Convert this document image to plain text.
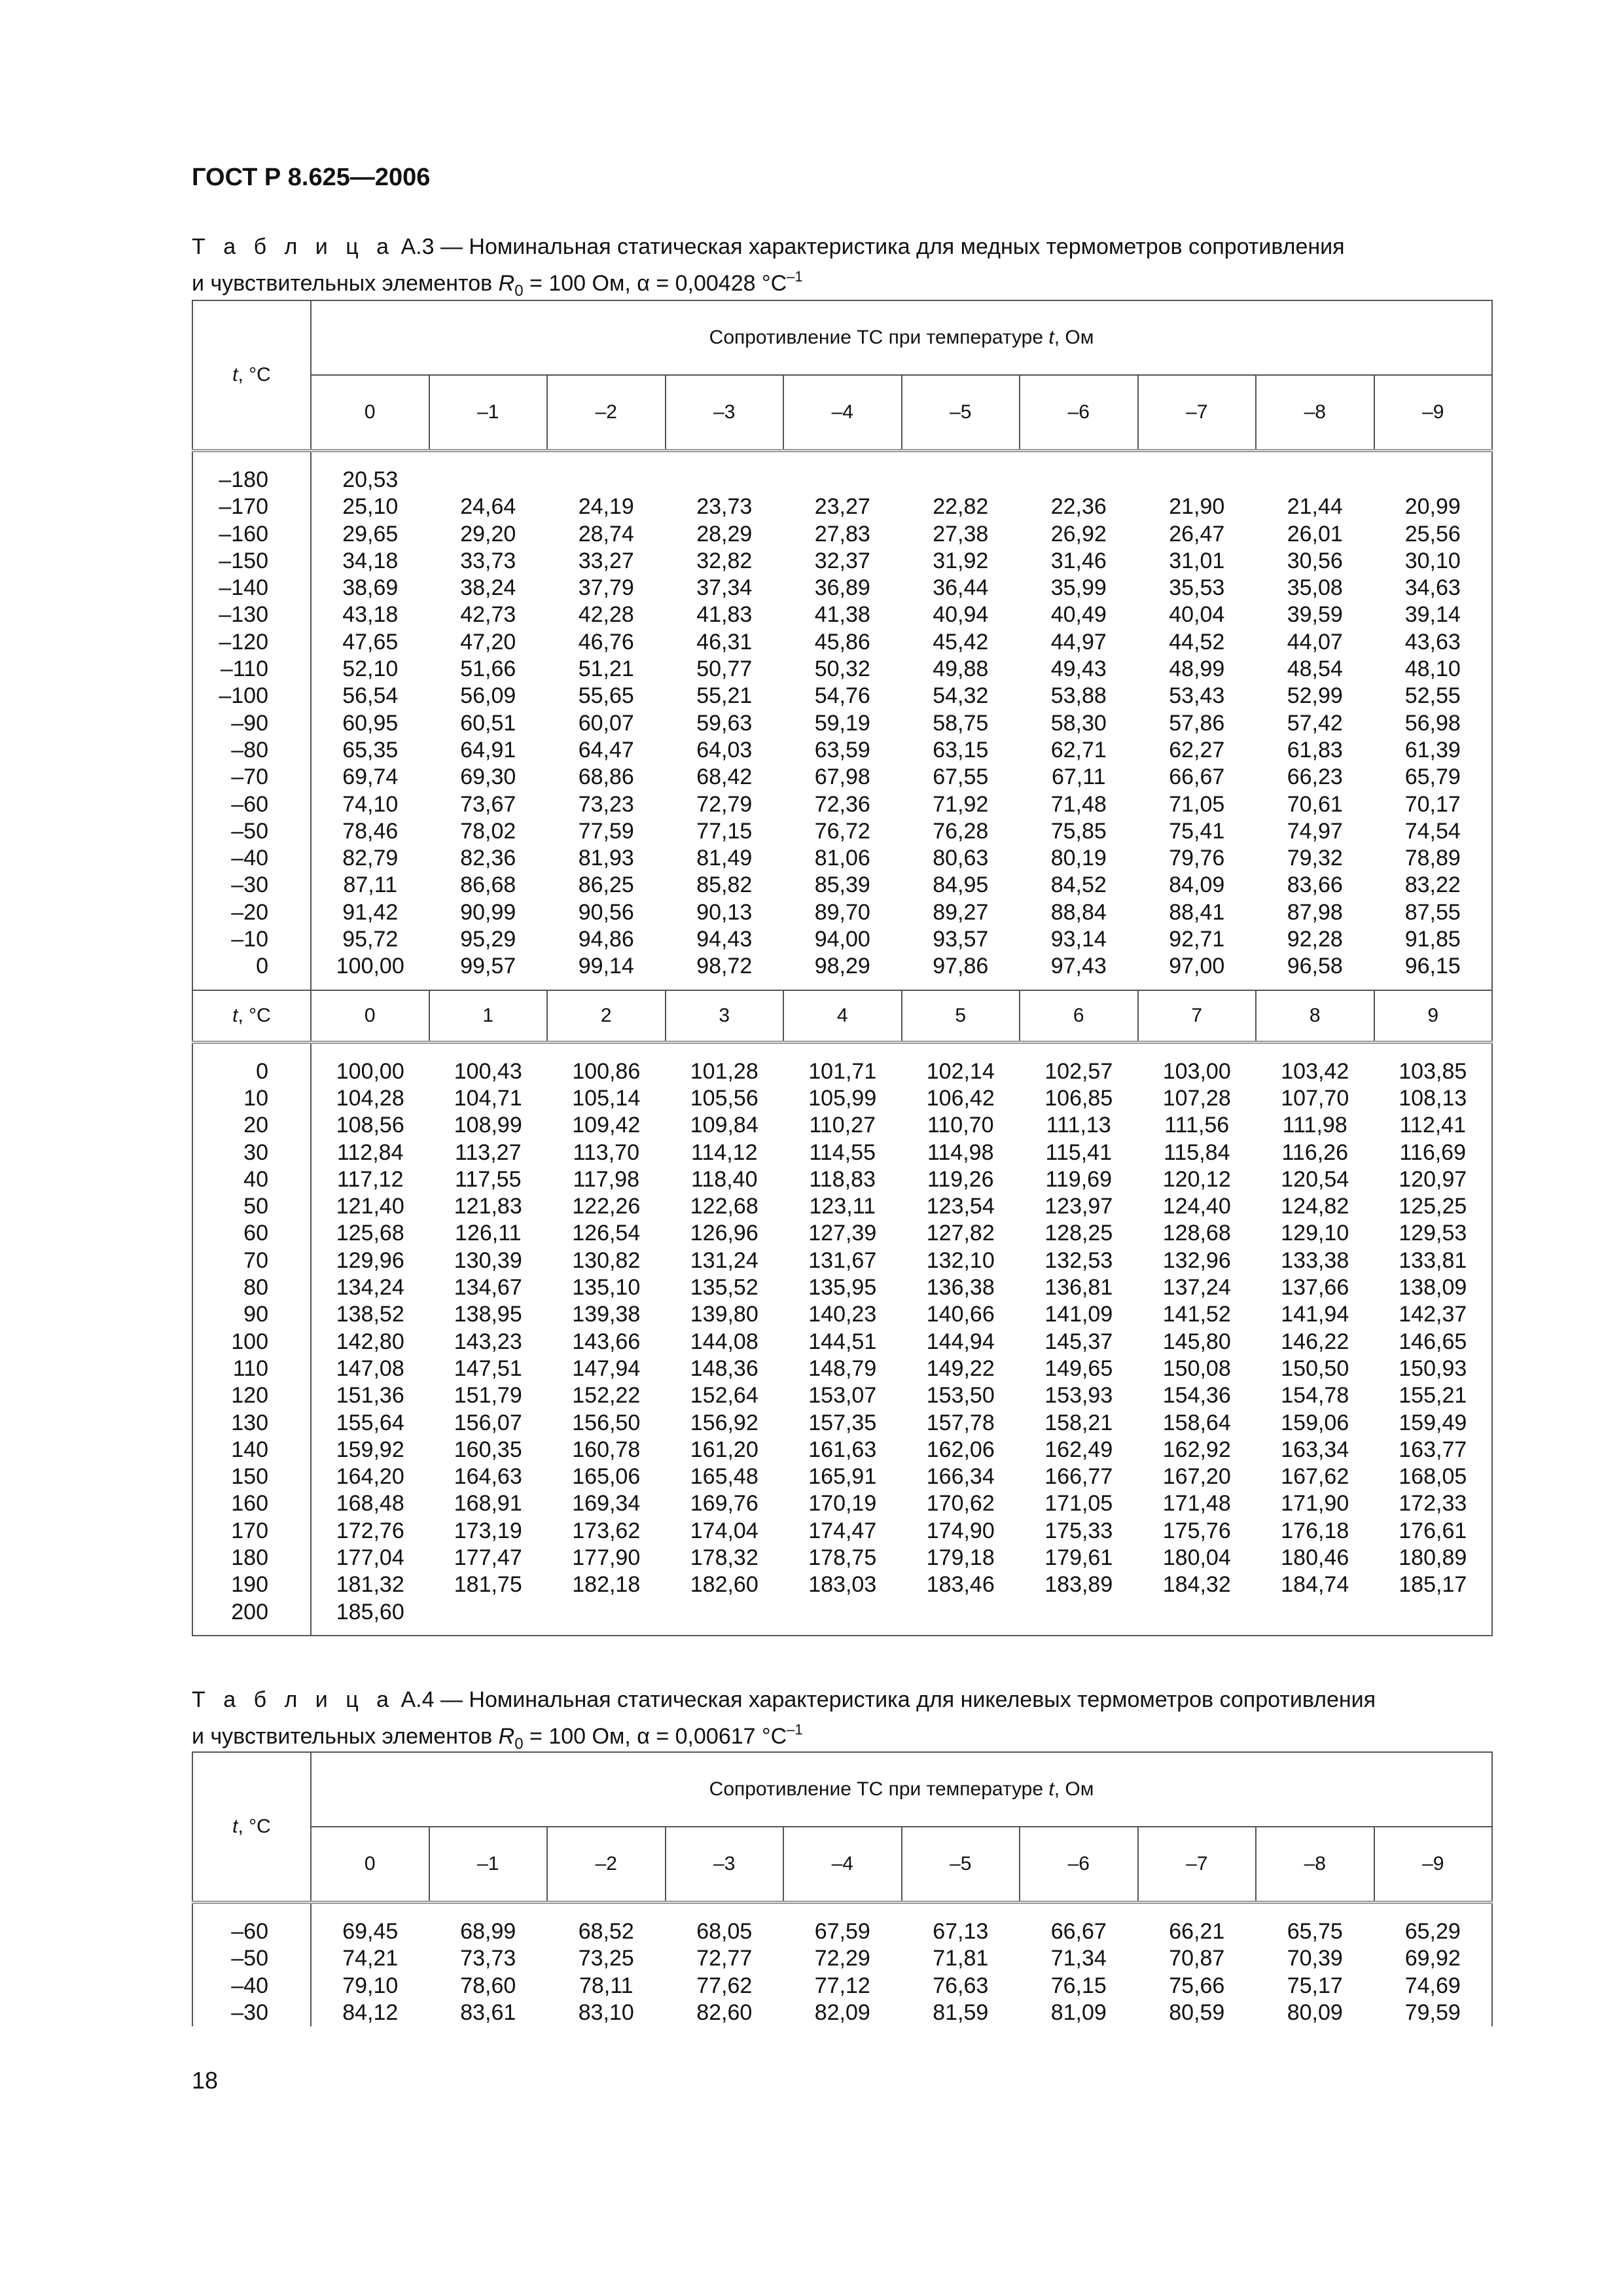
ГОСТ Р 8.625—2006
Т а б л и ц а А.3 — Номинальная статическая характеристика для медных термометров сопротивления
и чувствительных элементов $R_0 = 100$ Ом, α = 0,00428 $^\circ С^{-1}$
t, °С	Сопротивление ТС при температуре t, Ом									
	0	–1	–2	–3	–4	–5	–6	–7	–8	–9

–180	20,53									
–170	25,10	24,64	24,19	23,73	23,27	22,82	22,36	21,90	21,44	20,99
–160	29,65	29,20	28,74	28,29	27,83	27,38	26,92	26,47	26,01	25,56
–150	34,18	33,73	33,27	32,82	32,37	31,92	31,46	31,01	30,56	30,10
–140	38,69	38,24	37,79	37,34	36,89	36,44	35,99	35,53	35,08	34,63
–130	43,18	42,73	42,28	41,83	41,38	40,94	40,49	40,04	39,59	39,14
–120	47,65	47,20	46,76	46,31	45,86	45,42	44,97	44,52	44,07	43,63
–110	52,10	51,66	51,21	50,77	50,32	49,88	49,43	48,99	48,54	48,10
–100	56,54	56,09	55,65	55,21	54,76	54,32	53,88	53,43	52,99	52,55
–90	60,95	60,51	60,07	59,63	59,19	58,75	58,30	57,86	57,42	56,98
–80	65,35	64,91	64,47	64,03	63,59	63,15	62,71	62,27	61,83	61,39
–70	69,74	69,30	68,86	68,42	67,98	67,55	67,11	66,67	66,23	65,79
–60	74,10	73,67	73,23	72,79	72,36	71,92	71,48	71,05	70,61	70,17
–50	78,46	78,02	77,59	77,15	76,72	76,28	75,85	75,41	74,97	74,54
–40	82,79	82,36	81,93	81,49	81,06	80,63	80,19	79,76	79,32	78,89
–30	87,11	86,68	86,25	85,82	85,39	84,95	84,52	84,09	83,66	83,22
–20	91,42	90,99	90,56	90,13	89,70	89,27	88,84	88,41	87,98	87,55
–10	95,72	95,29	94,86	94,43	94,00	93,57	93,14	92,71	92,28	91,85
0	100,00	99,57	99,14	98,72	98,29	97,86	97,43	97,00	96,58	96,15

t, °С	0	1	2	3	4	5	6	7	8	9

0	100,00	100,43	100,86	101,28	101,71	102,14	102,57	103,00	103,42	103,85
10	104,28	104,71	105,14	105,56	105,99	106,42	106,85	107,28	107,70	108,13
20	108,56	108,99	109,42	109,84	110,27	110,70	111,13	111,56	111,98	112,41
30	112,84	113,27	113,70	114,12	114,55	114,98	115,41	115,84	116,26	116,69
40	117,12	117,55	117,98	118,40	118,83	119,26	119,69	120,12	120,54	120,97
50	121,40	121,83	122,26	122,68	123,11	123,54	123,97	124,40	124,82	125,25
60	125,68	126,11	126,54	126,96	127,39	127,82	128,25	128,68	129,10	129,53
70	129,96	130,39	130,82	131,24	131,67	132,10	132,53	132,96	133,38	133,81
80	134,24	134,67	135,10	135,52	135,95	136,38	136,81	137,24	137,66	138,09
90	138,52	138,95	139,38	139,80	140,23	140,66	141,09	141,52	141,94	142,37
100	142,80	143,23	143,66	144,08	144,51	144,94	145,37	145,80	146,22	146,65
110	147,08	147,51	147,94	148,36	148,79	149,22	149,65	150,08	150,50	150,93
120	151,36	151,79	152,22	152,64	153,07	153,50	153,93	154,36	154,78	155,21
130	155,64	156,07	156,50	156,92	157,35	157,78	158,21	158,64	159,06	159,49
140	159,92	160,35	160,78	161,20	161,63	162,06	162,49	162,92	163,34	163,77
150	164,20	164,63	165,06	165,48	165,91	166,34	166,77	167,20	167,62	168,05
160	168,48	168,91	169,34	169,76	170,19	170,62	171,05	171,48	171,90	172,33
170	172,76	173,19	173,62	174,04	174,47	174,90	175,33	175,76	176,18	176,61
180	177,04	177,47	177,90	178,32	178,75	179,18	179,61	180,04	180,46	180,89
190	181,32	181,75	182,18	182,60	183,03	183,46	183,89	184,32	184,74	185,17
200	185,60									

Т а б л и ц а А.4 — Номинальная статическая характеристика для никелевых термометров сопротивления
и чувствительных элементов $R_0 = 100$ Ом, α = 0,00617 $^\circ С^{-1}$
t, °С	Сопротивление ТС при температуре t, Ом									
	0	–1	–2	–3	–4	–5	–6	–7	–8	–9

–60	69,45	68,99	68,52	68,05	67,59	67,13	66,67	66,21	65,75	65,29
–50	74,21	73,73	73,25	72,77	72,29	71,81	71,34	70,87	70,39	69,92
–40	79,10	78,60	78,11	77,62	77,12	76,63	76,15	75,66	75,17	74,69
–30	84,12	83,61	83,10	82,60	82,09	81,59	81,09	80,59	80,09	79,59
18
